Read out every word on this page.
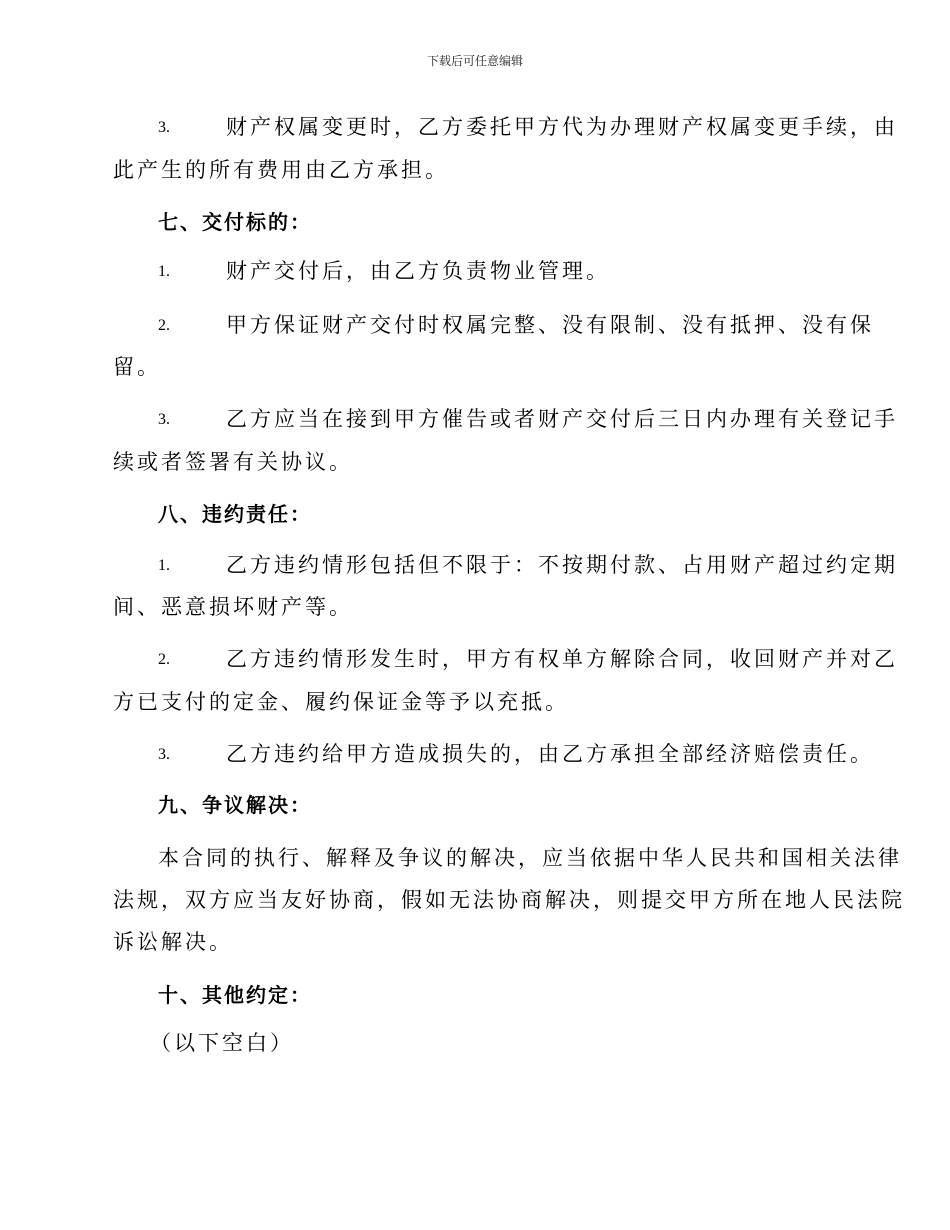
下载后可任意编辑
3.	财产权属变更时，乙方委托甲方代为办理财产权属变更手续，由
此产生的所有费用由乙方承担。
七、交付标的：
1.	财产交付后，由乙方负责物业管理。
2.	甲方保证财产交付时权属完整、没有限制、没有抵押、没有保
留。
3.	乙方应当在接到甲方催告或者财产交付后三日内办理有关登记手
续或者签署有关协议。
八、违约责任：
1.	乙方违约情形包括但不限于：不按期付款、占用财产超过约定期
间、恶意损坏财产等。
2.	乙方违约情形发生时，甲方有权单方解除合同，收回财产并对乙
方已支付的定金、履约保证金等予以充抵。
3.	乙方违约给甲方造成损失的，由乙方承担全部经济赔偿责任。
九、争议解决：
本合同的执行、解释及争议的解决，应当依据中华人民共和国相关法律
法规，双方应当友好协商，假如无法协商解决，则提交甲方所在地人民法院
诉讼解决。
十、其他约定：
（以下空白）
